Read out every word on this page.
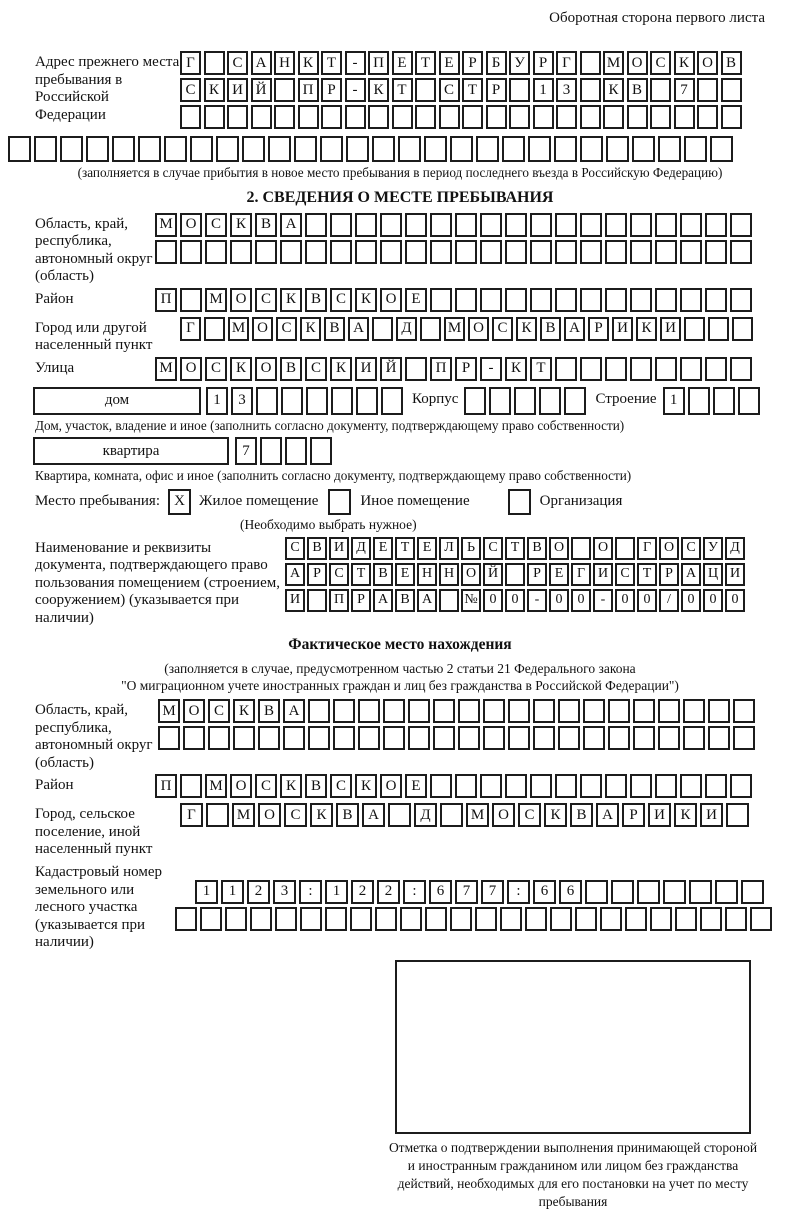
Оборотная сторона первого листа
Адрес прежнего места пребывания в Российской Федерации
Г	С А Н К Т	-	П Е Т Е Р	Б У Р Г	М О С К О В
С К И Й	П Р	-	К Т	С Т Р	1	3	К В	7
(заполняется в случае прибытия в новое место пребывания в период последнего въезда в Российскую Федерацию)
2. СВЕДЕНИЯ О МЕСТЕ ПРЕБЫВАНИЯ
Область, край, республика, автономный округ (область)
М О С К В А
Район	П	М О С К В С К О Е
Город или другой населенный пункт
Г	М О С К В А	Д	М О С К В А Р И К И
Улица	М О С К О В С К И Й	П	Р	-	К	Т
дом	1	3	Корпус	Строение 1
Дом, участок, владение и иное (заполнить согласно документу, подтверждающему право собственности)
квартира	7
Квартира, комната, офис и иное (заполнить согласно документу, подтверждающему право собственности)
Место пребывания: X Жилое помещение	Иное помещение	Организация
(Необходимо выбрать нужное)
Наименование и реквизиты документа, подтверждающего право пользования помещением (строением, сооружением) (указывается при наличии)
С В И Д Е Т Е Л Ь С Т В О	О	Г О С У Д
А Р С Т В Е Н Н О Й	Р Е Г И С Т Р А Ц И
И	П Р А В А	№ 0	0	-	0	0	-	0	0	/	0	0	0
Фактическое место нахождения
(заполняется в случае, предусмотренном частью 2 статьи 21 Федерального закона
"О миграционном учете иностранных граждан и лиц без гражданства в Российской Федерации")
Область, край, республика, автономный округ (область)
М О С К В А
Район	П	М О С К В С К О Е
Город, сельское поселение, иной населенный пункт
Г	М О	С	К	В	А	Д	М О	С	К	В	А	Р	И	К	И
Кадастровый номер земельного или лесного участка (указывается при наличии)
1	1	2	3	:	1	2	2	:	6	7	7	:	6	6
Отметка о подтверждении выполнения принимающей стороной и иностранным гражданином или лицом без гражданства действий, необходимых для его постановки на учет по месту пребывания
